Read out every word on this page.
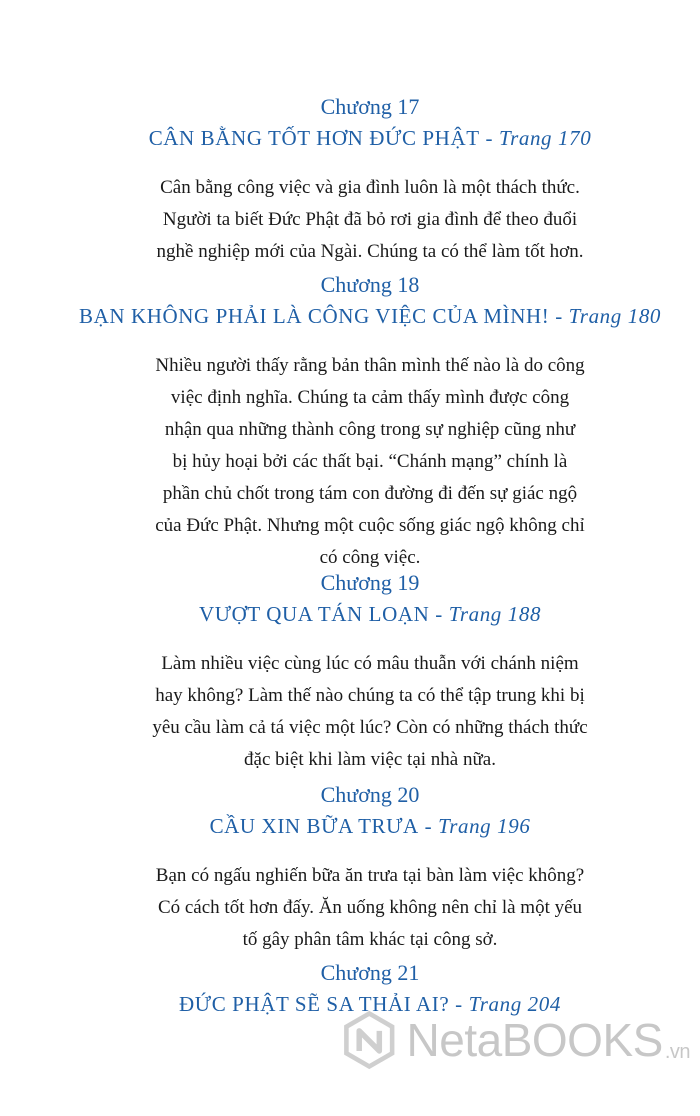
Chương 17
CÂN BẰNG TỐT HƠN ĐỨC PHẬT - Trang 170

Cân bằng công việc và gia đình luôn là một thách thức.

Người ta biết Đức Phật đã bỏ rơi gia đình để theo đuổi

nghề nghiệp mới của Ngài. Chúng ta có thể làm tốt hơn.

Chương 18
BẠN KHÔNG PHẢI LÀ CÔNG VIỆC CỦA MÌNH! - Trang 180

Nhiều người thấy rằng bản thân mình thế nào là do công

việc định nghĩa. Chúng ta cảm thấy mình được công

nhận qua những thành công trong sự nghiệp cũng như

bị hủy hoại bởi các thất bại. “Chánh mạng” chính là

phần chủ chốt trong tám con đường đi đến sự giác ngộ

của Đức Phật. Nhưng một cuộc sống giác ngộ không chỉ

có công việc.

Chương 19
VƯỢT QUA TÁN LOẠN - Trang 188

Làm nhiều việc cùng lúc có mâu thuẫn với chánh niệm

hay không? Làm thế nào chúng ta có thể tập trung khi bị

yêu cầu làm cả tá việc một lúc? Còn có những thách thức

đặc biệt khi làm việc tại nhà nữa.

Chương 20
CẦU XIN BỮA TRƯA - Trang 196

Bạn có ngấu nghiến bữa ăn trưa tại bàn làm việc không?

Có cách tốt hơn đấy. Ăn uống không nên chỉ là một yếu

tố gây phân tâm khác tại công sở.

Chương 21
ĐỨC PHẬT SẼ SA THẢI AI? - Trang 204
NetaBOOKS .vn
